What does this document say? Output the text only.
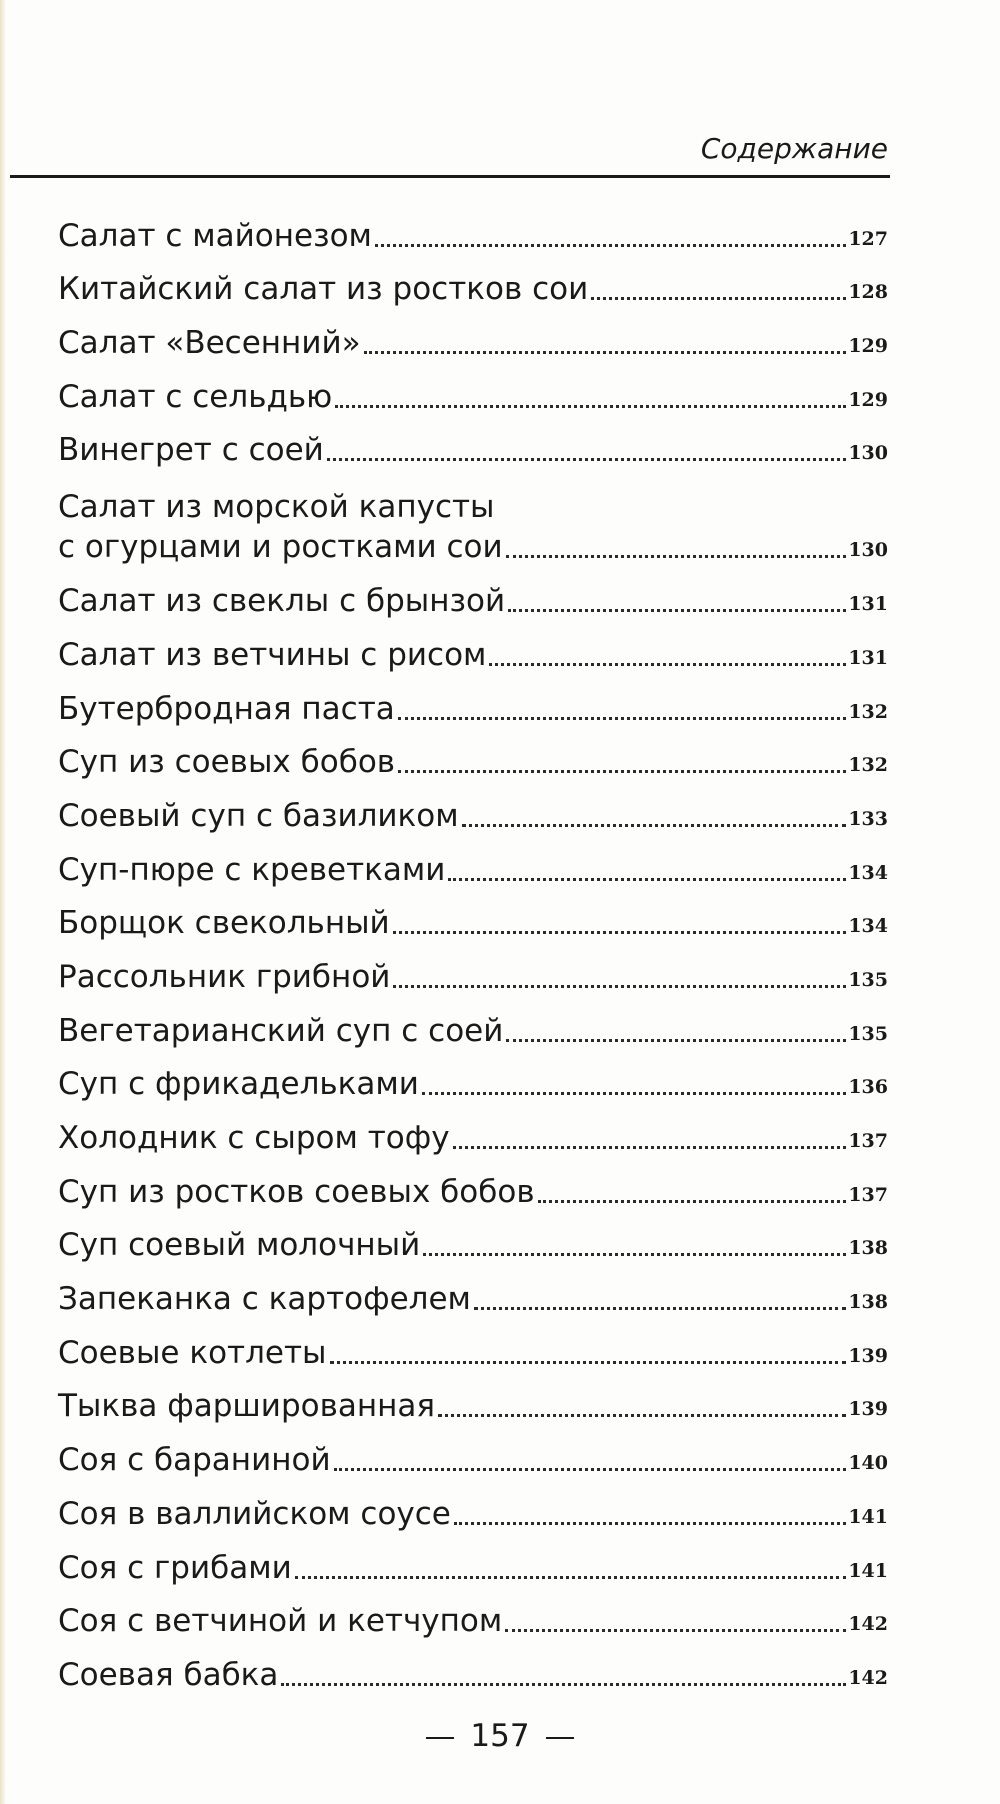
Содержание
Салат с майонезом	127
Китайский салат из ростков сои	128
Салат «Весенний»	129
Салат с сельдью	129
Винегрет с соей	130
Салат из морской капусты
с огурцами и ростками сои	130
Салат из свеклы с брынзой	131
Салат из ветчины с рисом	131
Бутербродная паста	132
Суп из соевых бобов	132
Соевый суп с базиликом	133
Суп-пюре с креветками	134
Борщок свекольный	134
Рассольник грибной	135
Вегетарианский суп с соей	135
Суп с фрикадельками	136
Холодник с сыром тофу	137
Суп из ростков соевых бобов	137
Суп соевый молочный	138
Запеканка с картофелем	138
Соевые котлеты	139
Тыква фаршированная	139
Соя с бараниной	140
Соя в валлийском соусе	141
Соя с грибами	141
Соя с ветчиной и кетчупом	142
Соевая бабка	142
157
